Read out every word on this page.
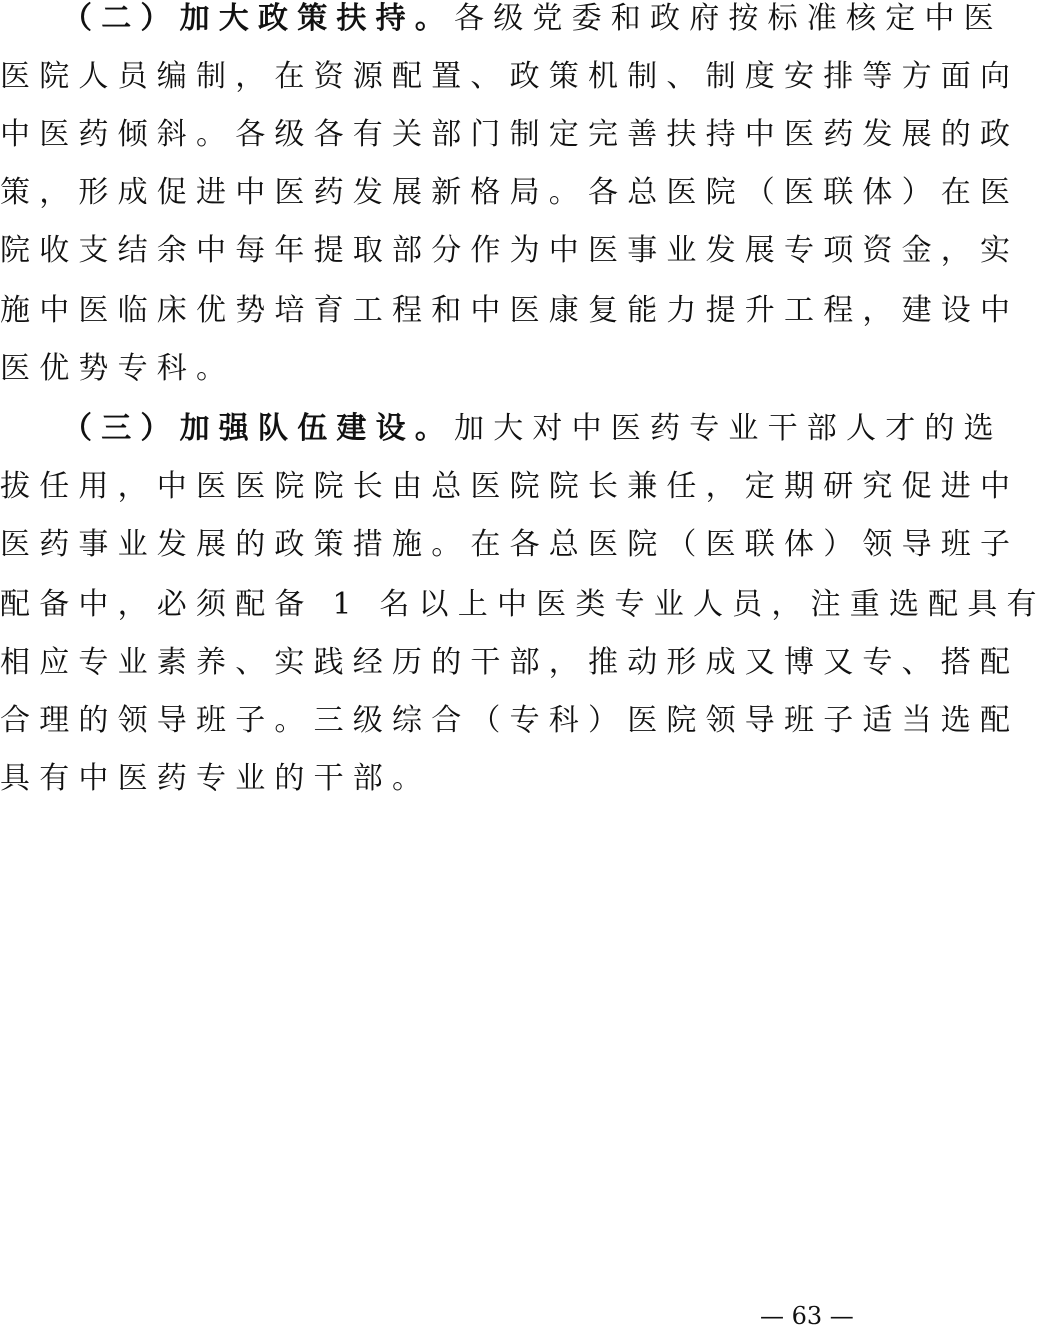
（二）加大政策扶持。各级党委和政府按标准核定中医
医院人员编制，在资源配置、政策机制、制度安排等方面向
中医药倾斜。各级各有关部门制定完善扶持中医药发展的政
策，形成促进中医药发展新格局。各总医院（医联体）在医
院收支结余中每年提取部分作为中医事业发展专项资金，实
施中医临床优势培育工程和中医康复能力提升工程，建设中
医优势专科。
（三）加强队伍建设。加大对中医药专业干部人才的选
拔任用，中医医院院长由总医院院长兼任，定期研究促进中
医药事业发展的政策措施。在各总医院（医联体）领导班子
配备中，必须配备 1 名以上中医类专业人员，注重选配具有
相应专业素养、实践经历的干部，推动形成又博又专、搭配
合理的领导班子。三级综合（专科）医院领导班子适当选配
具有中医药专业的干部。
— 63 —
